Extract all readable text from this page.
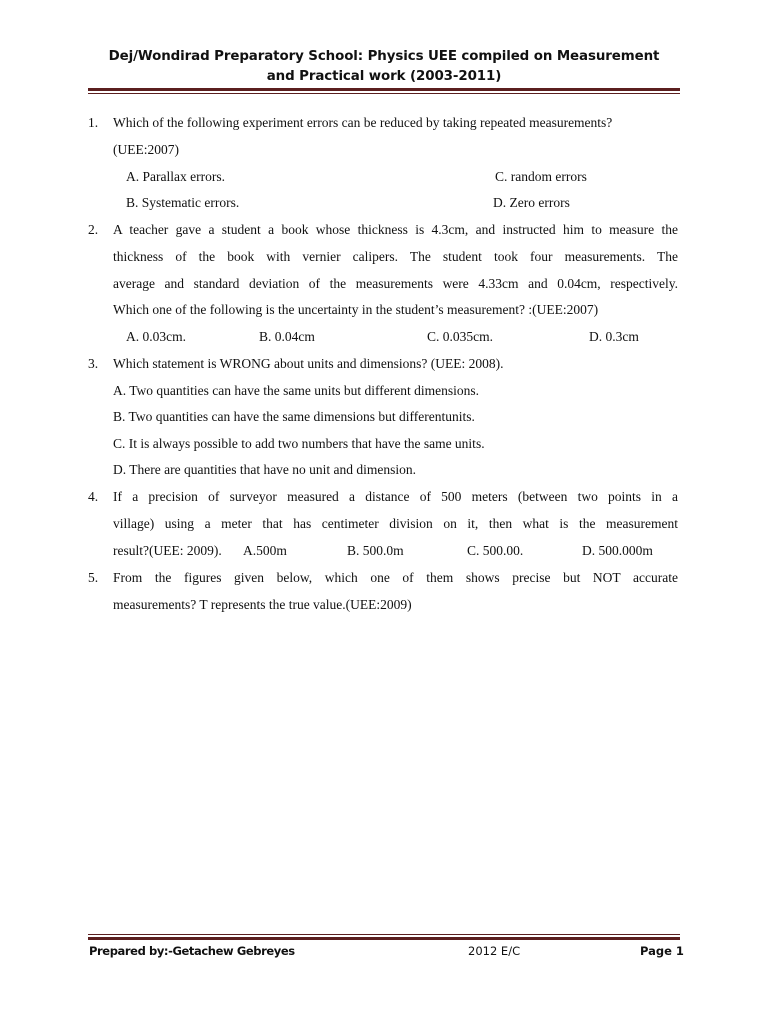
Dej/Wondirad Preparatory School: Physics UEE compiled on Measurement
and Practical work (2003-2011)
1. Which of the following experiment errors can be reduced by taking repeated measurements?
(UEE:2007)
A. Parallax errors.	C. random errors
B. Systematic errors.	D. Zero errors
2. A teacher gave a student a book whose thickness is 4.3cm, and instructed him to measure the
thickness of the book with vernier calipers. The student took four measurements. The
average and standard deviation of the measurements were 4.33cm and 0.04cm, respectively.
Which one of the following is the uncertainty in the student’s measurement? :(UEE:2007)
A. 0.03cm.	B. 0.04cm	C. 0.035cm.	D. 0.3cm
3. Which statement is WRONG about units and dimensions? (UEE: 2008).
A. Two quantities can have the same units but different dimensions.
B. Two quantities can have the same dimensions but differentunits.
C. It is always possible to add two numbers that have the same units.
D. There are quantities that have no unit and dimension.
4. If a precision of surveyor measured a distance of 500 meters (between two points in a
village) using a meter that has centimeter division on it, then what is the measurement
result?(UEE: 2009). A.500m	B. 500.0m	C. 500.00.	D. 500.000m
5. From the figures given below, which one of them shows precise but NOT accurate
measurements? T represents the true value.(UEE:2009)
Prepared by:-Getachew Gebreyes	2012 E/C	Page 1
